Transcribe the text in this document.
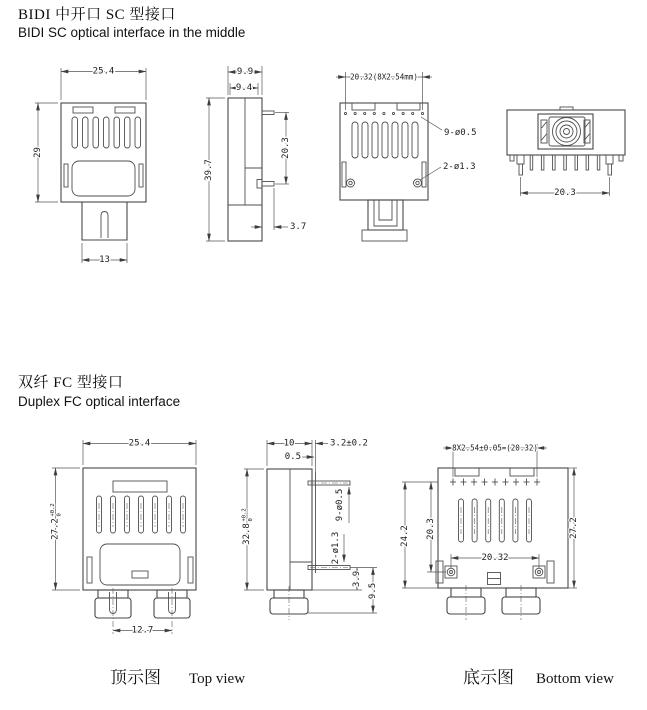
BIDI 中开口 SC 型接口
BIDI SC optical interface in the middle
双纤 FC 型接口
Duplex FC optical interface
25.4
29
13
9.9
9.4
39.7
20.3
3.7
20.32(8X2.54mm)
9-ø0.5
2-ø1.3
20.3
25.4
27.2
+0.2 0
12.7
10	3.2±0.2
0.5
32.8
+0.2 0	9-ø0.5
2-ø1.3
3.9
9.5
8X2.54±0.05=(20.32)
24.2 20.3	27.2
20.32
顶示图 Top view	底示图 Bottom view
